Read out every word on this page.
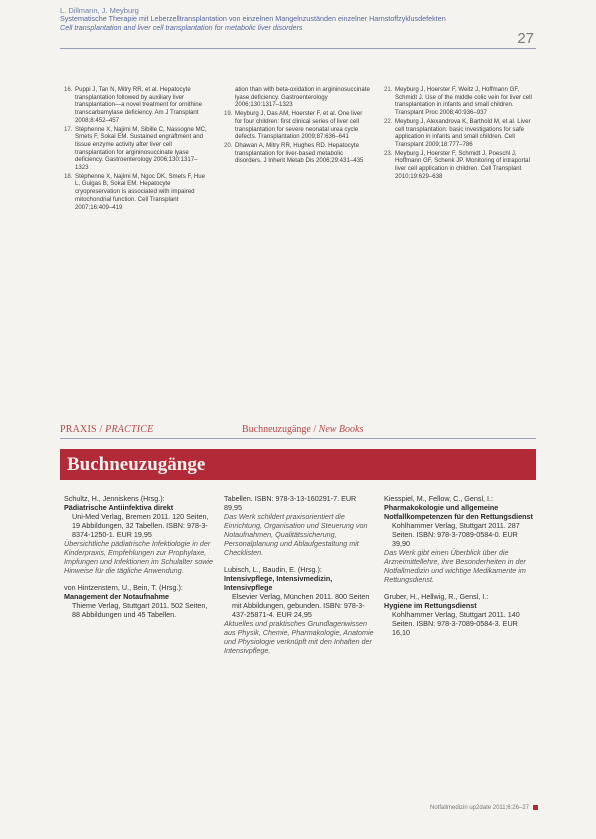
L. Dillmann, J. Meyburg
Systematische Therapie mit Leberzelltransplantation von einzelnen Mangelnzuständen einzelner Harnstoffzyklusdefekten
Cell transplantation and liver cell transplantation for metabolic liver disorders
27
16. Puppi J, Tan N, Mitry RR, et al. Hepatocyte transplantation followed by auxiliary liver transplantation—a novel treatment for ornithine transcarbamylase deficiency. Am J Transplant 2008;8:452–457
17. Stéphenne X, Najimi M, Sibille C, Nassogne MC, Smets F, Sokal EM. Sustained engraftment and tissue enzyme activity after liver cell transplantation for argininosuccinate lyase deficiency. Gastroenterology 2006;130:1317–1323
18. Stéphenne X, Najimi M, Ngoc DK, Smets F, Hue L, Guigas B, Sokal EM. Hepatocyte cryopreservation is associated with impaired mitochondrial function. Cell Transplant 2007;16:409–419
ation than with beta-oxidation in argininosuccinate lyase deficiency. Gastroenterology 2006;130:1317–1323
19. Meyburg J, Das AM, Hoerster F, et al. One liver for four children: first clinical series of liver cell transplantation for severe neonatal urea cycle defects. Transplantation 2009;87:636–641
20. Dhawan A, Mitry RR, Hughes RD. Hepatocyte transplantation for liver-based metabolic disorders. J Inherit Metab Dis 2006;29:431–435
21. Meyburg J, Hoerster F, Weitz J, Hoffmann GF, Schmidt J. Use of the middle colic vein for liver cell transplantation in infants and small children. Transplant Proc 2008;40:936–937
22. Meyburg J, Alexandrova K, Barthold M, et al. Liver cell transplantation: basic investigations for safe application in infants and small children. Cell Transplant 2009;18:777–786
23. Meyburg J, Hoerster F, Schmidt J, Poeschl J, Hoffmann GF, Schenk JP. Monitoring of intraportal liver cell application in children. Cell Transplant 2010;19:629–638
PRAXIS / PRACTICE	Buchneuzugänge / New Books
Buchneuzugänge
Schultz, H., Jenniskens (Hrsg.):
Pädiatrische Antiinfektiva direkt
Uni-Med Verlag, Bremen 2011. 120 Seiten, 19 Abbildungen, 32 Tabellen. ISBN: 978-3-8374-1250-1. EUR 19,95
Übersichtliche pädiatrische Infektiologie in der Kinderpraxis, Empfehlungen zur Prophylaxe, Impfungen und Infektionen im Schulalter sowie Hinweise für die tägliche Anwendung.
von Hintzenstern, U., Bein, T. (Hrsg.):
Management der Notaufnahme
Thieme Verlag, Stuttgart 2011. 502 Seiten, 88 Abbildungen und 45 Tabellen.
Tabellen. ISBN: 978-3-13-160291-7. EUR 89,95
Das Werk schildert praxisorientiert die Einrichtung, Organisation und Steuerung von Notaufnahmen, Qualitätssicherung, Personalplanung und Ablaufgestaltung mit Checklisten.
Lubisch, L., Baudin, E. (Hrsg.):
Intensivpflege, Intensivmedizin, Intensivpflege
Elsevier Verlag, München 2011. 800 Seiten mit Abbildungen, gebunden. ISBN: 978-3-437-25871-4. EUR 24,95
Aktuelles und praktisches Grundlagenwissen aus Physik, Chemie, Pharmakologie, Anatomie und Physiologie verknüpft mit den Inhalten der Intensivpflege.
Kiesspiel, M., Fellow, C., Gensl, I.:
Pharmakokologie und allgemeine Notfallkompetenzen für den Rettungsdienst
Kohlhammer Verlag, Stuttgart 2011. 287 Seiten. ISBN: 978-3-7089-0584-0. EUR 39,90
Das Werk gibt einen Überblick über die Arzneimittellehre, ihre Besonderheiten in der Notfallmedizin und wichtige Medikamente im Rettungsdienst.
Gruber, H., Hellwig, R., Gensl, I.:
Hygiene im Rettungsdienst
Kohlhammer Verlag, Stuttgart 2011. 140 Seiten. ISBN: 978-3-7089-0584-3. EUR 16,10
Notfallmedizin up2date 2011;6:26–27
